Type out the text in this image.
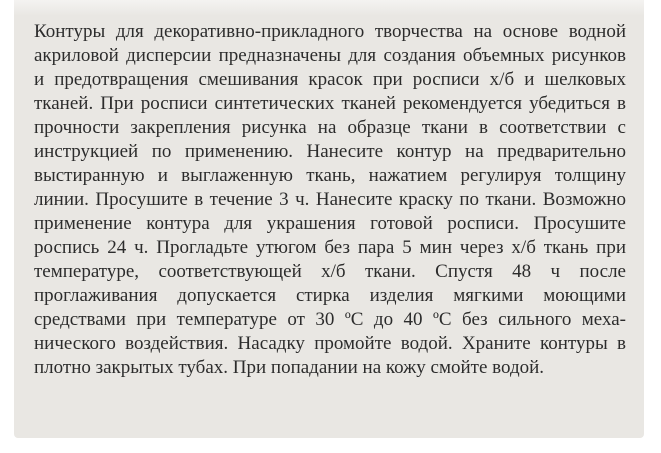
Контуры для декоративно-прикладного творчества на основе водной
акриловой дисперсии предназначены для создания объемных рисунков
и предотвращения смешивания красок при росписи х/б и шелковых
тканей. При росписи синтетических тканей рекомендуется убедиться в
прочности закрепления рисунка на образце ткани в соответствии с
инструкцией по применению. Нанесите контур на предварительно
выстиранную и выглаженную ткань, нажатием регулируя толщину
линии. Просушите в течение 3 ч. Нанесите краску по ткани. Возможно
применение контура для украшения готовой росписи. Просушите
роспись 24 ч. Прогладьте утюгом без пара 5 мин через х/б ткань при
температуре, соответствующей х/б ткани. Спустя 48 ч после
проглаживания допускается стирка изделия мягкими моющими
средствами при температуре от 30 ºС до 40 ºС без сильного меха-
нического воздействия. Насадку промойте водой. Храните контуры в
плотно закрытых тубах. При попадании на кожу смойте водой.
